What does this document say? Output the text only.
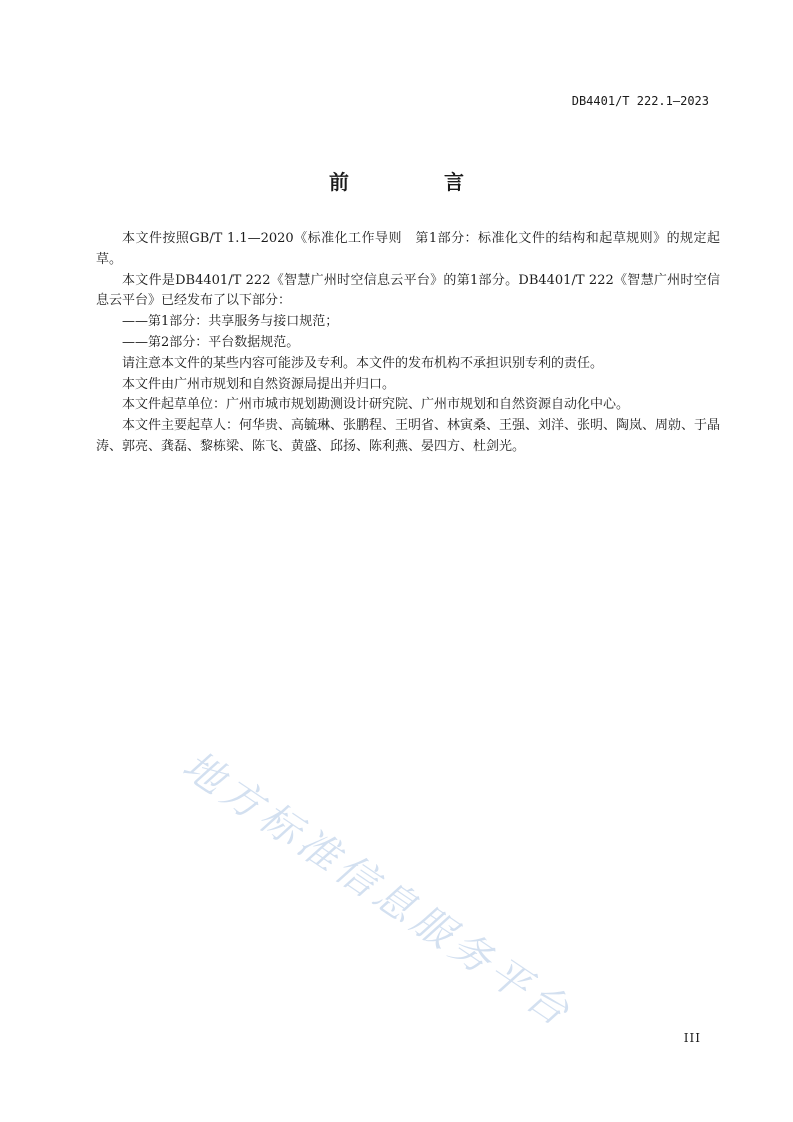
DB4401/T 222.1—2023
前 言

本文件按照GB/T 1.1—2020《标准化工作导则　第1部分：标准化文件的结构和起草规则》的规定起草。

本文件是DB4401/T 222《智慧广州时空信息云平台》的第1部分。DB4401/T 222《智慧广州时空信息云平台》已经发布了以下部分：

——第1部分：共享服务与接口规范；

——第2部分：平台数据规范。

请注意本文件的某些内容可能涉及专利。本文件的发布机构不承担识别专利的责任。

本文件由广州市规划和自然资源局提出并归口。

本文件起草单位：广州市城市规划勘测设计研究院、广州市规划和自然资源自动化中心。

本文件主要起草人：何华贵、高毓琳、张鹏程、王明省、林寅桑、王强、刘洋、张明、陶岚、周勍、于晶涛、郭亮、龚磊、黎栋梁、陈飞、黄盛、邱扬、陈利燕、晏四方、杜剑光。

地方标准信息服务平台
III
